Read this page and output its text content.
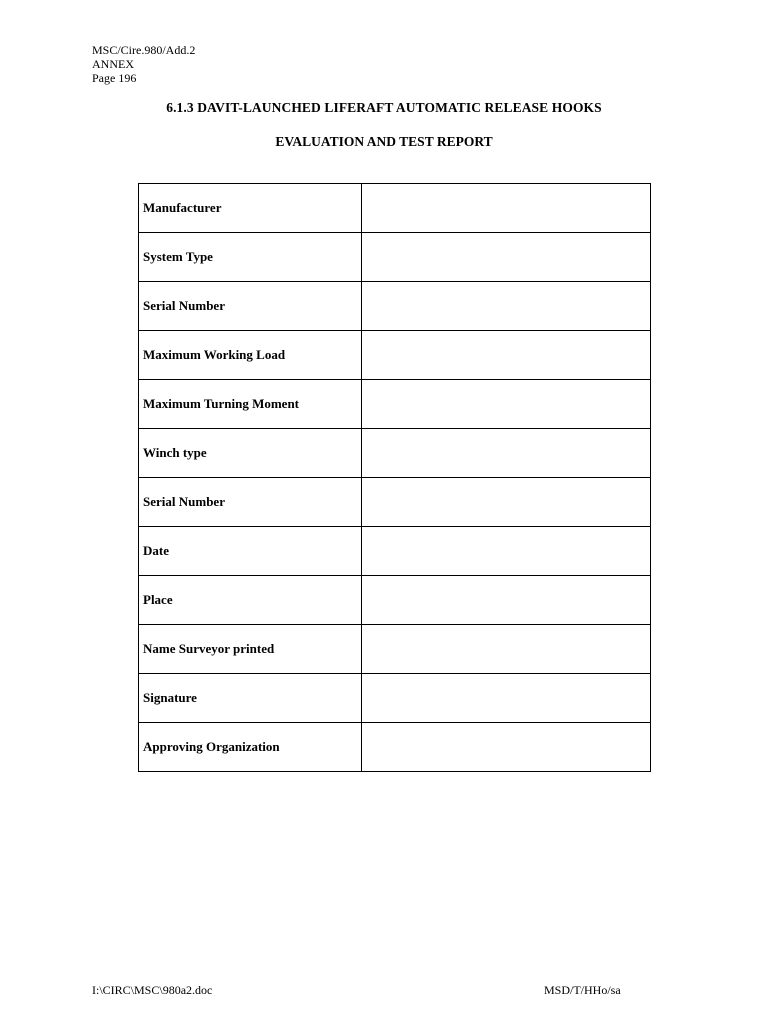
MSC/Cire.980/Add.2
ANNEX
Page 196
6.1.3 DAVIT-LAUNCHED LIFERAFT AUTOMATIC RELEASE HOOKS
EVALUATION AND TEST REPORT
Manufacturer	
System Type	
Serial Number	
Maximum Working Load	
Maximum Turning Moment	
Winch type	
Serial Number	
Date	
Place	
Name Surveyor printed	
Signature	
Approving Organization	
I:\CIRC\MSC\980a2.doc	MSD/T/HHo/sa
